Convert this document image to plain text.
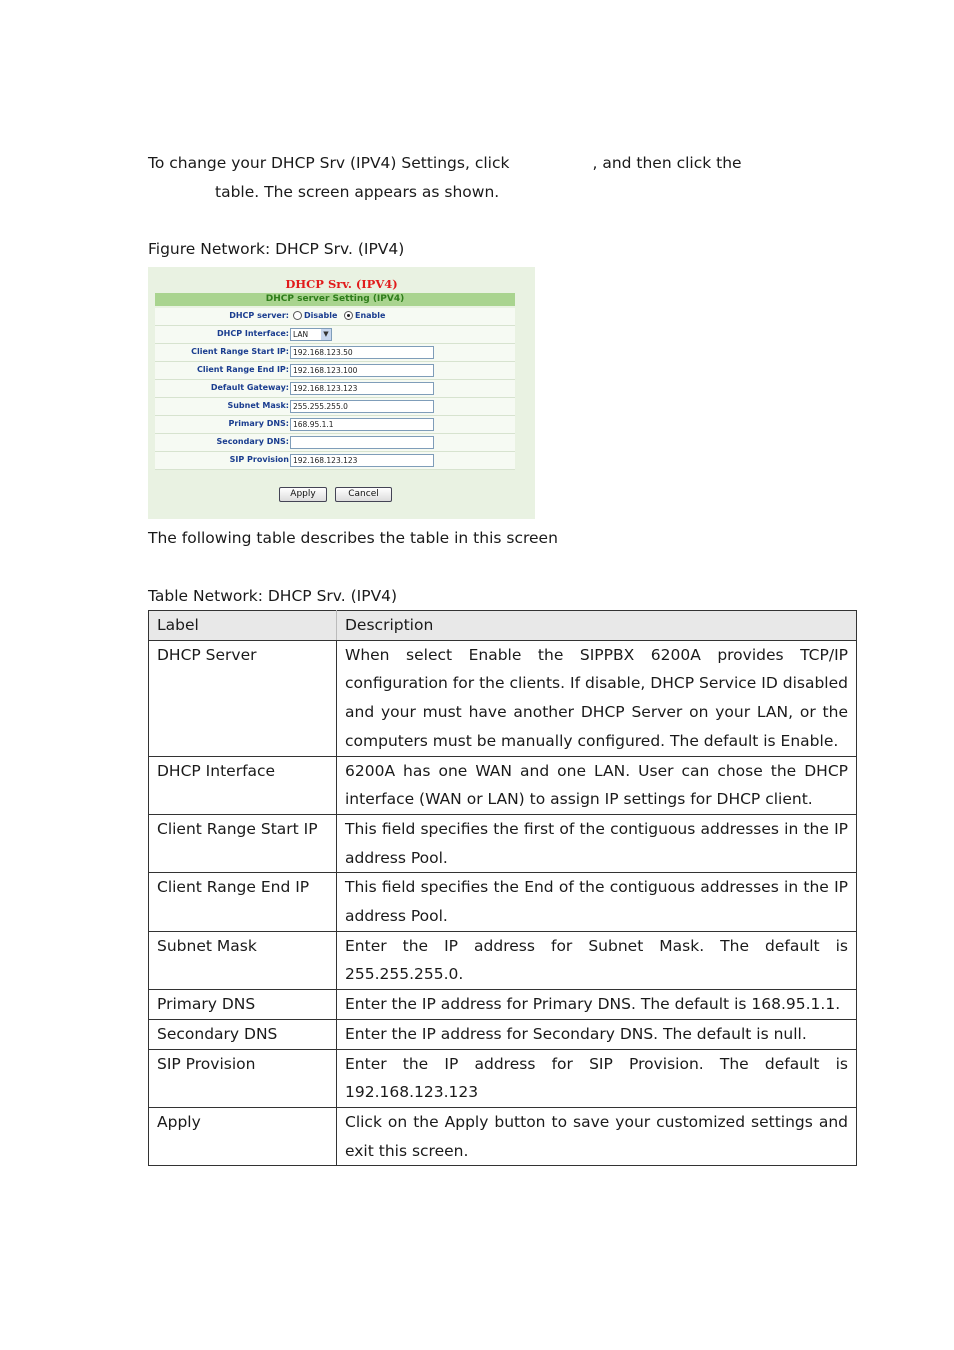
To change your DHCP Srv (IPV4) Settings, click	, and then click the
table. The screen appears as shown.
Figure Network: DHCP Srv. (IPV4)
DHCP Srv. (IPV4)
DHCP server Setting (IPV4)
DHCP server: Disable Enable
DHCP Interface: LAN	▼
Client Range Start IP: 192.168.123.50
Client Range End IP: 192.168.123.100
Default Gateway: 192.168.123.123
Subnet Mask: 255.255.255.0
Primary DNS: 168.95.1.1
Secondary DNS:
SIP Provision 192.168.123.123
Apply	Cancel
The following table describes the table in this screen
Table Network: DHCP Srv. (IPV4)
Label	Description
DHCP Server	When select Enable the SIPPBX 6200A provides TCP/IP configuration for the clients. If disable, DHCP Service ID disabled and your must have another DHCP Server on your LAN, or the computers must be manually configured. The default is Enable.
DHCP Interface	6200A has one WAN and one LAN. User can chose the DHCP interface (WAN or LAN) to assign IP settings for DHCP client.
Client Range Start IP	This field specifies the first of the contiguous addresses in the IP address Pool.
Client Range End IP	This field specifies the End of the contiguous addresses in the IP address Pool.
Subnet Mask	Enter the IP address for Subnet Mask. The default is 255.255.255.0.
Primary DNS	Enter the IP address for Primary DNS. The default is 168.95.1.1.
Secondary DNS	Enter the IP address for Secondary DNS. The default is null.
SIP Provision	Enter the IP address for SIP Provision. The default is 192.168.123.123
Apply	Click on the Apply button to save your customized settings and exit this screen.
